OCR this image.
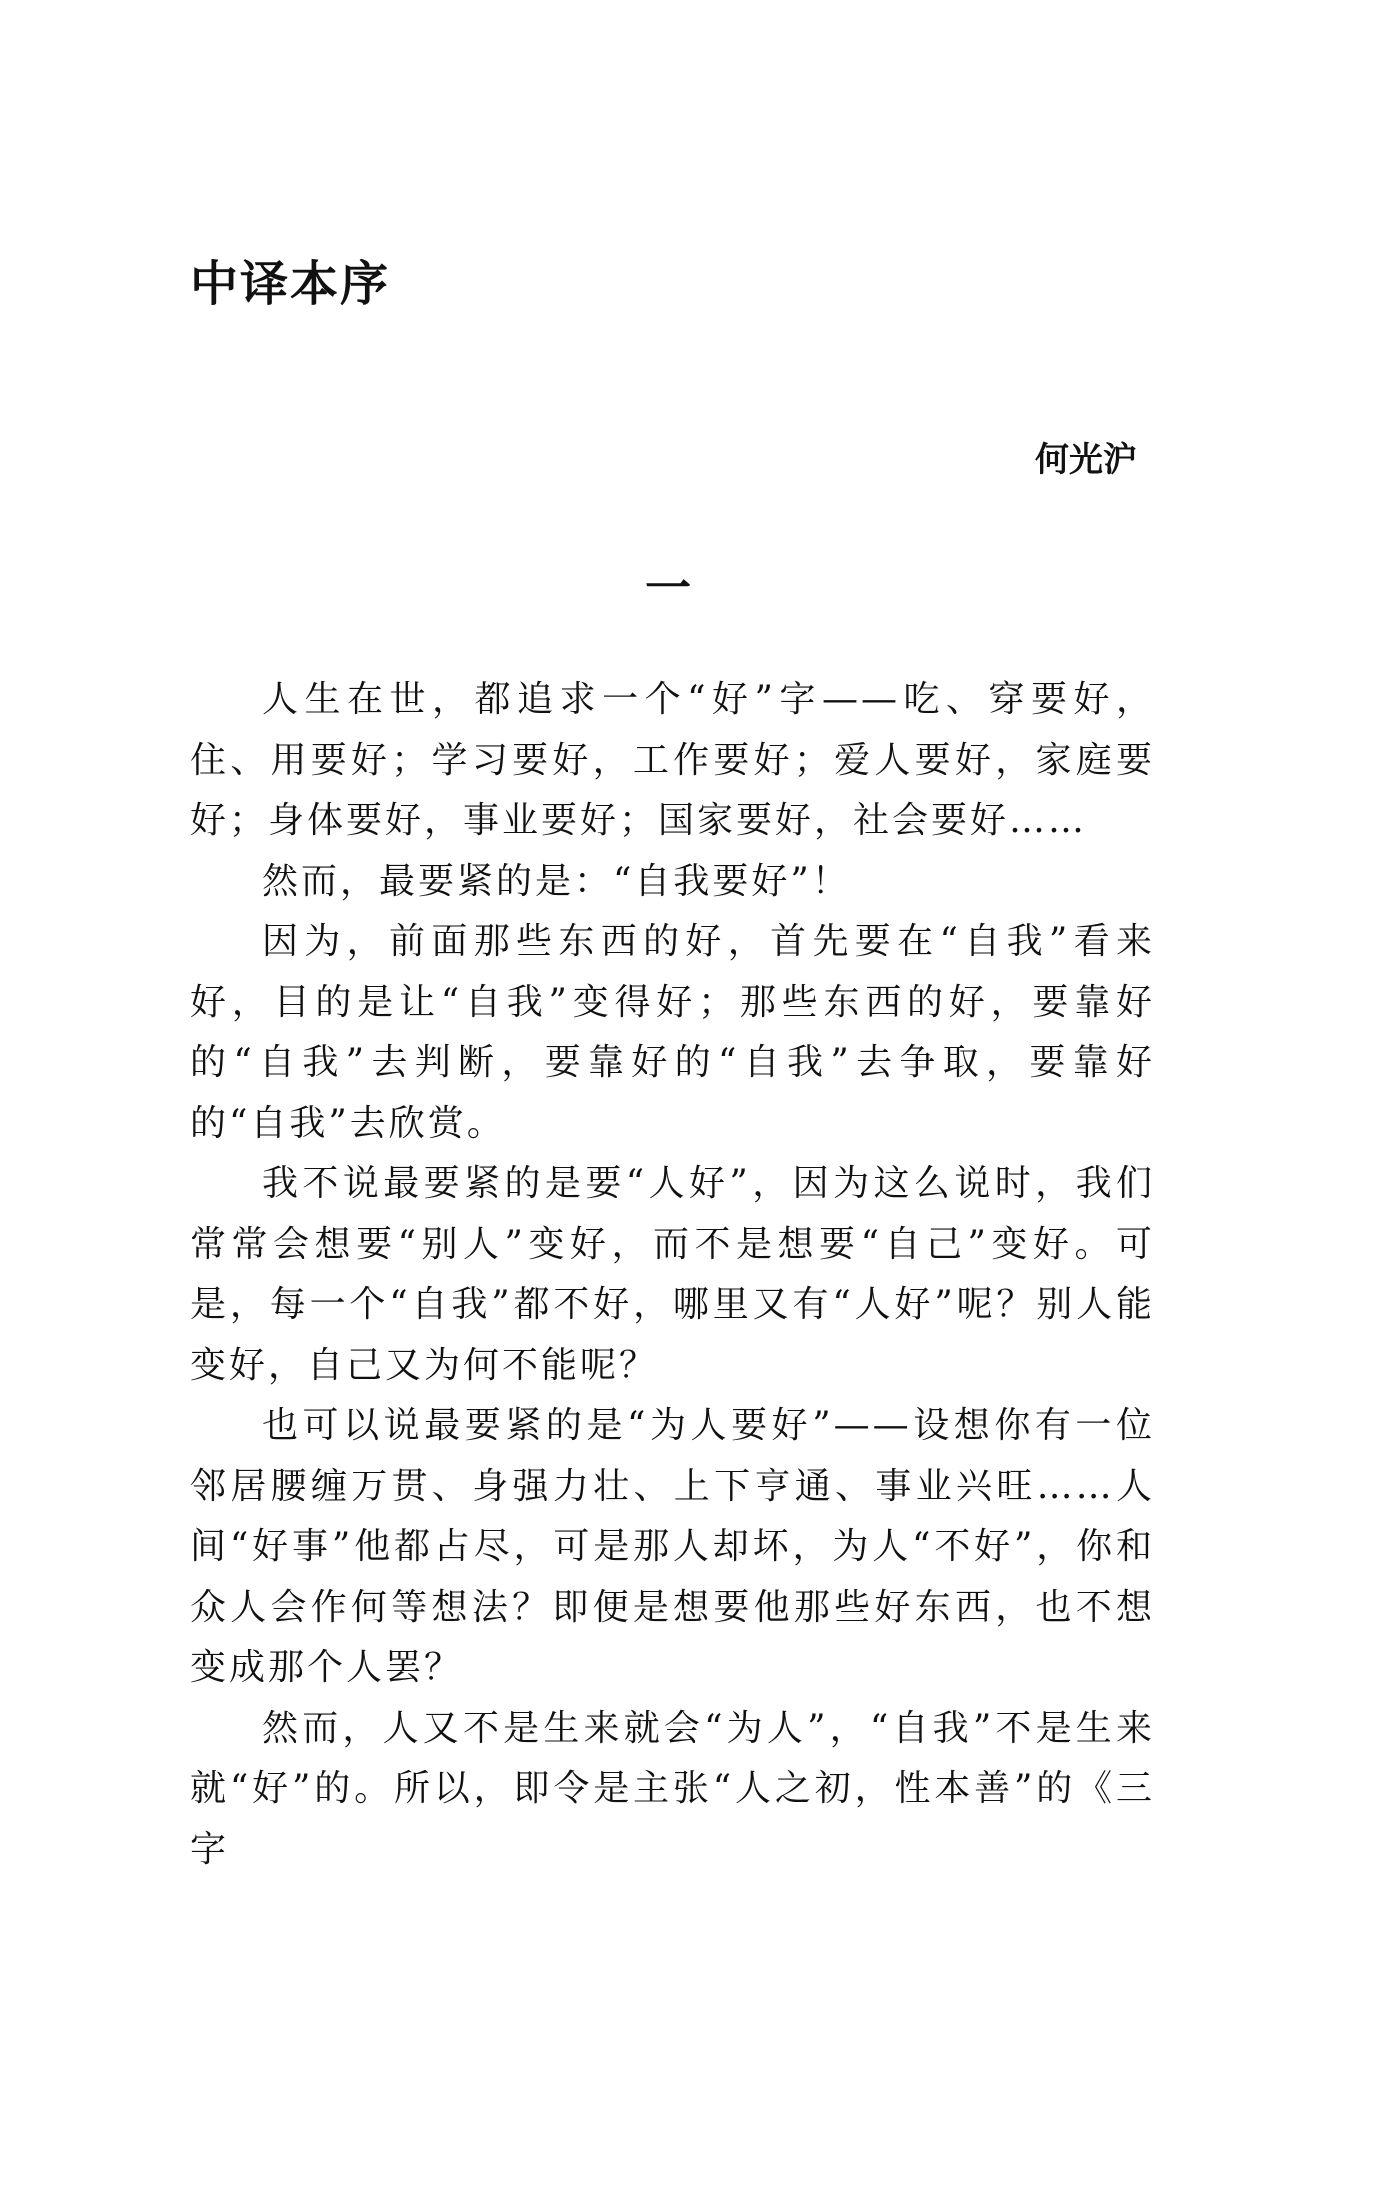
中译本序

何光沪

一

人生在世，都追求一个“好”字——吃、穿要好，住、用要好；学习要好，工作要好；爱人要好，家庭要好；身体要好，事业要好；国家要好，社会要好……

然而，最要紧的是：“自我要好”！

因为，前面那些东西的好，首先要在“自我”看来好，目的是让“自我”变得好；那些东西的好，要靠好的“自我”去判断，要靠好的“自我”去争取，要靠好的“自我”去欣赏。

我不说最要紧的是要“人好”，因为这么说时，我们常常会想要“别人”变好，而不是想要“自己”变好。可是，每一个“自我”都不好，哪里又有“人好”呢？别人能变好，自己又为何不能呢？

也可以说最要紧的是“为人要好”——设想你有一位邻居腰缠万贯、身强力壮、上下亨通、事业兴旺……人间“好事”他都占尽，可是那人却坏，为人“不好”，你和众人会作何等想法？即便是想要他那些好东西，也不想变成那个人罢？

然而，人又不是生来就会“为人”，“自我”不是生来就“好”的。所以，即令是主张“人之初，性本善”的《三字
